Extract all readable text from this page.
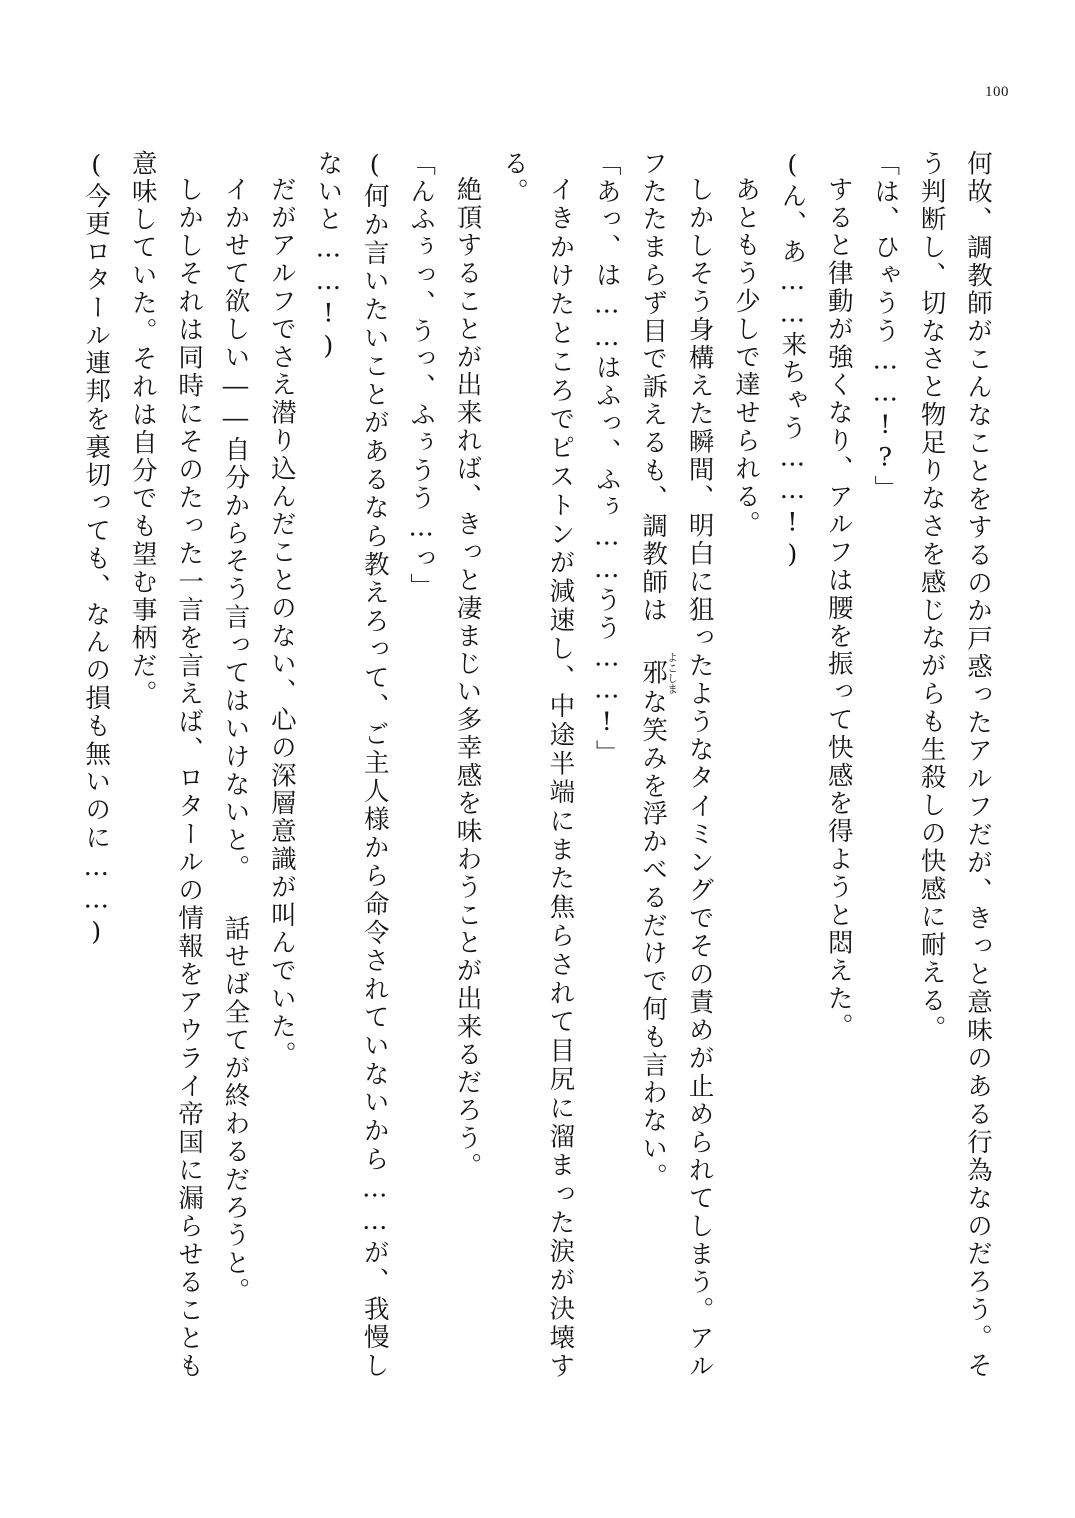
100

何故、調教師がこんなことをするのか戸惑ったアルフだが、きっと意味のある行為なのだろう。そう判断し、切なさと物足りなさを感じながらも生殺しの快感に耐える。

「は、ひゃうう……!?」

すると律動が強くなり、アルフは腰を振って快感を得ようと悶えた。

(ん、あ……来ちゃう……!)

あともう少しで達せられる。

しかしそう身構えた瞬間、明白に狙ったようなタイミングでその責めが止められてしまう。アルフたたまらず目で訴えるも、調教師は 邪よこしまな笑みを浮かべるだけで何も言わない。

「あっ、は……はふっ、ふぅ……うう……!」

イきかけたところでピストンが減速し、中途半端にまた焦らされて目尻に溜まった涙が決壊する。

絶頂することが出来れば、きっと凄まじい多幸感を味わうことが出来るだろう。

「んふぅっ、うっ、ふぅうう…っ」

(何か言いたいことがあるなら教えろって、ご主人様から命令されていないから……が、我慢しないと……!)

だがアルフでさえ潜り込んだことのない、心の深層意識が叫んでいた。

イかせて欲しい――自分からそう言ってはいけないと。 話せば全てが終わるだろうと。

しかしそれは同時にそのたった一言を言えば、ロタールの情報をアウライ帝国に漏らせることも意味していた。それは自分でも望む事柄だ。

(今更ロタール連邦を裏切っても、なんの損も無いのに……)
